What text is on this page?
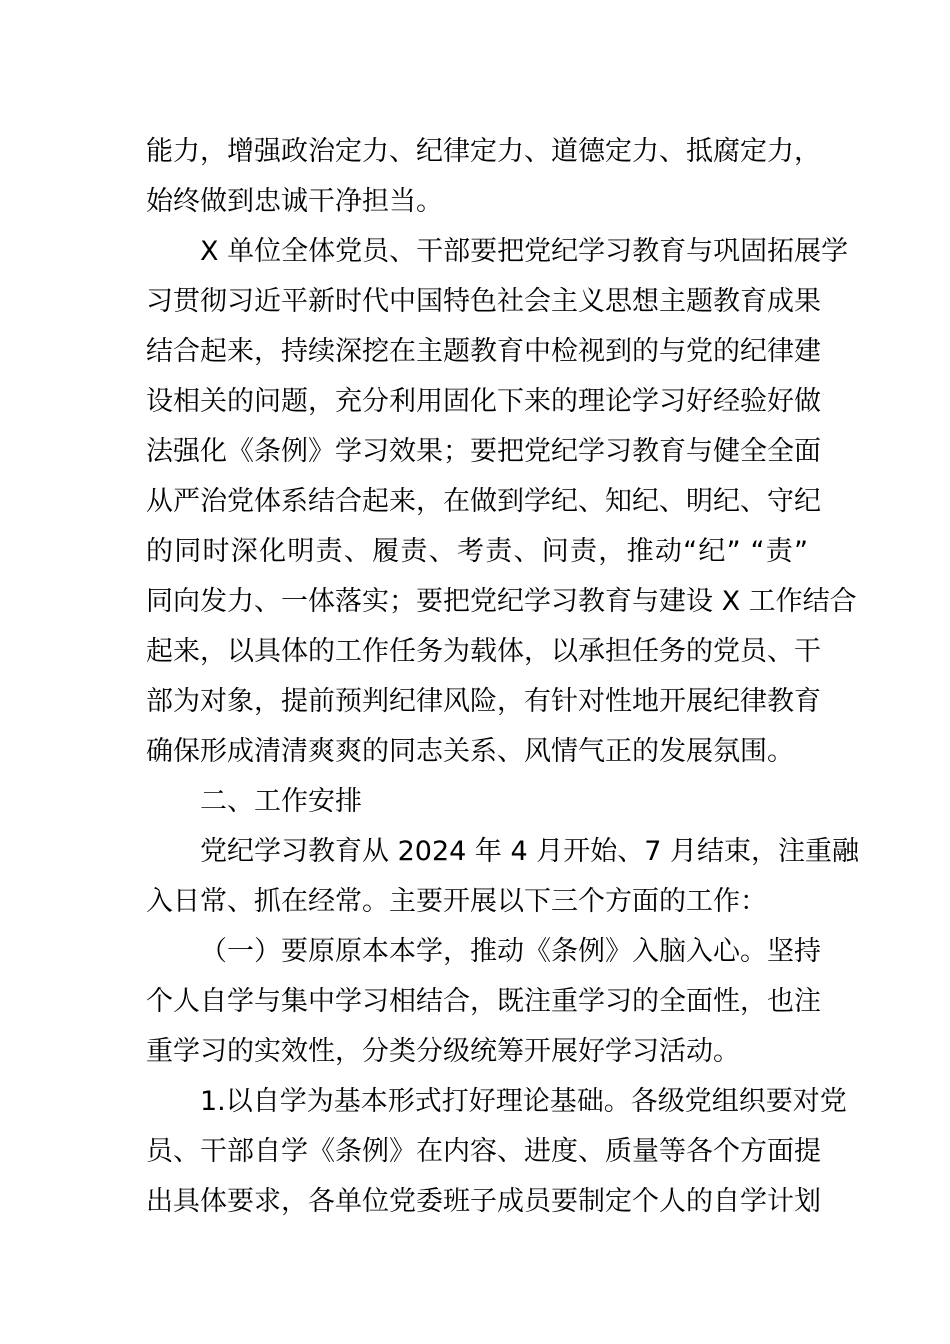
能力，增强政治定力、纪律定力、道德定力、抵腐定力，
始终做到忠诚干净担当。
X 单位全体党员、干部要把党纪学习教育与巩固拓展学
习贯彻习近平新时代中国特色社会主义思想主题教育成果
结合起来，持续深挖在主题教育中检视到的与党的纪律建
设相关的问题，充分利用固化下来的理论学习好经验好做
法强化《条例》学习效果；要把党纪学习教育与健全全面
从严治党体系结合起来，在做到学纪、知纪、明纪、守纪
的同时深化明责、履责、考责、问责，推动“纪” “责”
同向发力、一体落实；要把党纪学习教育与建设 X 工作结合
起来，以具体的工作任务为载体，以承担任务的党员、干
部为对象，提前预判纪律风险，有针对性地开展纪律教育
确保形成清清爽爽的同志关系、风情气正的发展氛围。
二、工作安排
党纪学习教育从 2024 年 4 月开始、7 月结束，注重融
入日常、抓在经常。主要开展以下三个方面的工作：
（一）要原原本本学，推动《条例》入脑入心。坚持
个人自学与集中学习相结合，既注重学习的全面性，也注
重学习的实效性，分类分级统筹开展好学习活动。
1.以自学为基本形式打好理论基础。各级党组织要对党
员、干部自学《条例》在内容、进度、质量等各个方面提
出具体要求，各单位党委班子成员要制定个人的自学计划
